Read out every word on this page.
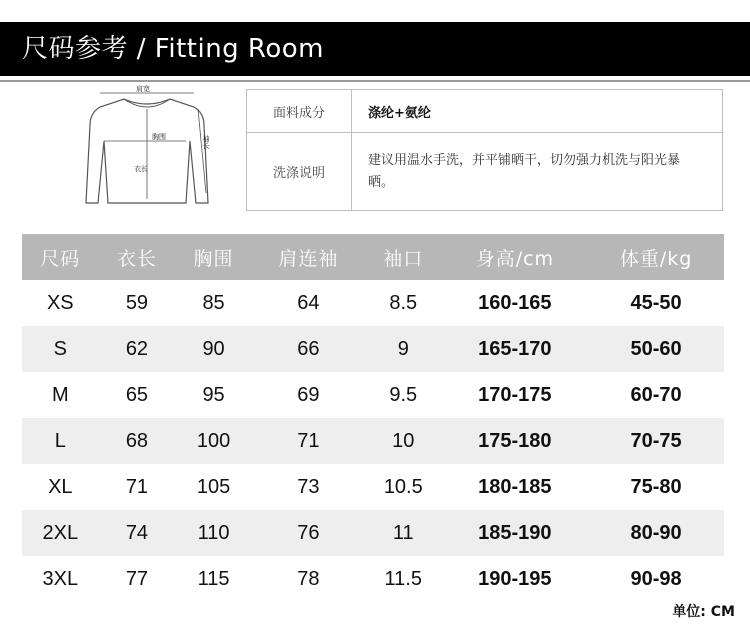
尺码参考 / Fitting Room
肩宽
胸围
衣长
袖长
面料成分	涤纶+氨纶
洗涤说明	建议用温水手洗，并平铺晒干，切勿强力机洗与阳光暴晒。
尺码	衣长	胸围	肩连袖	袖口	身高/cm	体重/kg
XS	59	85	64	8.5	160-165	45-50
S	62	90	66	9	165-170	50-60
M	65	95	69	9.5	170-175	60-70
L	68	100	71	10	175-180	70-75
XL	71	105	73	10.5	180-185	75-80
2XL	74	110	76	11	185-190	80-90
3XL	77	115	78	11.5	190-195	90-98
单位: CM
